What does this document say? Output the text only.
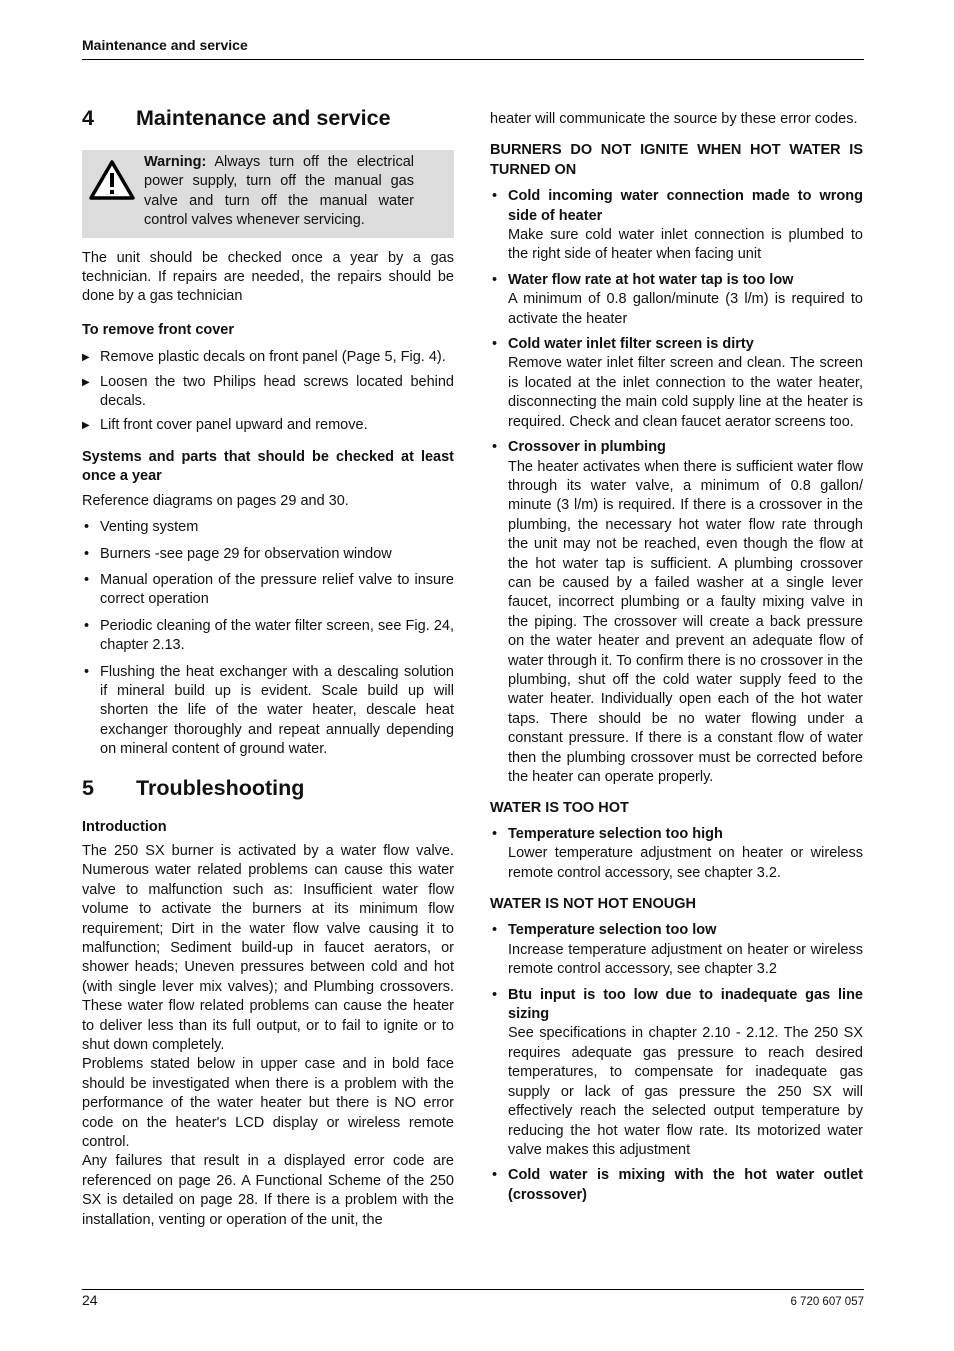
Maintenance and service
4	Maintenance and service

Warning: Always turn off the electrical power supply, turn off the manual gas valve and turn off the manual water control valves whenever servicing.

The unit should be checked once a year by a gas technician. If repairs are needed, the repairs should be done by a gas technician

To remove front cover

▶ Remove plastic decals on front panel (Page 5, Fig. 4).
▶ Loosen the two Philips head screws located behind decals.
▶ Lift front cover panel upward and remove.

Systems and parts that should be checked at least once a year

Reference diagrams on pages 29 and 30.

• Venting system
• Burners -see page 29 for observation window
• Manual operation of the pressure relief valve to insure correct operation
• Periodic cleaning of the water filter screen, see Fig. 24, chapter 2.13.
• Flushing the heat exchanger with a descaling solution if mineral build up is evident. Scale build up will shorten the life of the water heater, descale heat exchanger thoroughly and repeat annually depending on mineral content of ground water.
5	Troubleshooting

Introduction

The 250 SX burner is activated by a water flow valve. Numerous water related problems can cause this water valve to malfunction such as: Insufficient water flow volume to activate the burners at its minimum flow requirement; Dirt in the water flow valve causing it to malfunction; Sediment build-up in faucet aerators, or shower heads; Uneven pressures between cold and hot (with single lever mix valves); and Plumbing crossovers. These water flow related problems can cause the heater to deliver less than its full output, or to fail to ignite or to shut down completely.

Problems stated below in upper case and in bold face should be investigated when there is a problem with the performance of the water heater but there is NO error code on the heater's LCD display or wireless remote control.

Any failures that result in a displayed error code are referenced on page 26. A Functional Scheme of the 250 SX is detailed on page 28. If there is a problem with the installation, venting or operation of the unit, the

heater will communicate the source by these error codes.

BURNERS DO NOT IGNITE WHEN HOT WATER IS TURNED ON

• Cold incoming water connection made to wrong side of heater
Make sure cold water inlet connection is plumbed to the right side of heater when facing unit
• Water flow rate at hot water tap is too low
A minimum of 0.8 gallon/minute (3 l/m) is required to activate the heater
• Cold water inlet filter screen is dirty
Remove water inlet filter screen and clean. The screen is located at the inlet connection to the water heater, disconnecting the main cold supply line at the heater is required. Check and clean faucet aerator screens too.
• Crossover in plumbing
The heater activates when there is sufficient water flow through its water valve, a minimum of 0.8 gallon/ minute (3 l/m) is required. If there is a crossover in the plumbing, the necessary hot water flow rate through the unit may not be reached, even though the flow at the hot water tap is sufficient. A plumbing crossover can be caused by a failed washer at a single lever faucet, incorrect plumbing or a faulty mixing valve in the piping. The crossover will create a back pressure on the water heater and prevent an adequate flow of water through it. To confirm there is no crossover in the plumbing, shut off the cold water supply feed to the water heater. Individually open each of the hot water taps. There should be no water flowing under a constant pressure. If there is a constant flow of water then the plumbing crossover must be corrected before the heater can operate properly.

WATER IS TOO HOT

• Temperature selection too high
Lower temperature adjustment on heater or wireless remote control accessory, see chapter 3.2.

WATER IS NOT HOT ENOUGH

• Temperature selection too low
Increase temperature adjustment on heater or wireless remote control accessory, see chapter 3.2
• Btu input is too low due to inadequate gas line sizing
See specifications in chapter 2.10 - 2.12. The 250 SX requires adequate gas pressure to reach desired temperatures, to compensate for inadequate gas supply or lack of gas pressure the 250 SX will effectively reach the selected output temperature by reducing the hot water flow rate. Its motorized water valve makes this adjustment
• Cold water is mixing with the hot water outlet (crossover)
24	6 720 607 057
